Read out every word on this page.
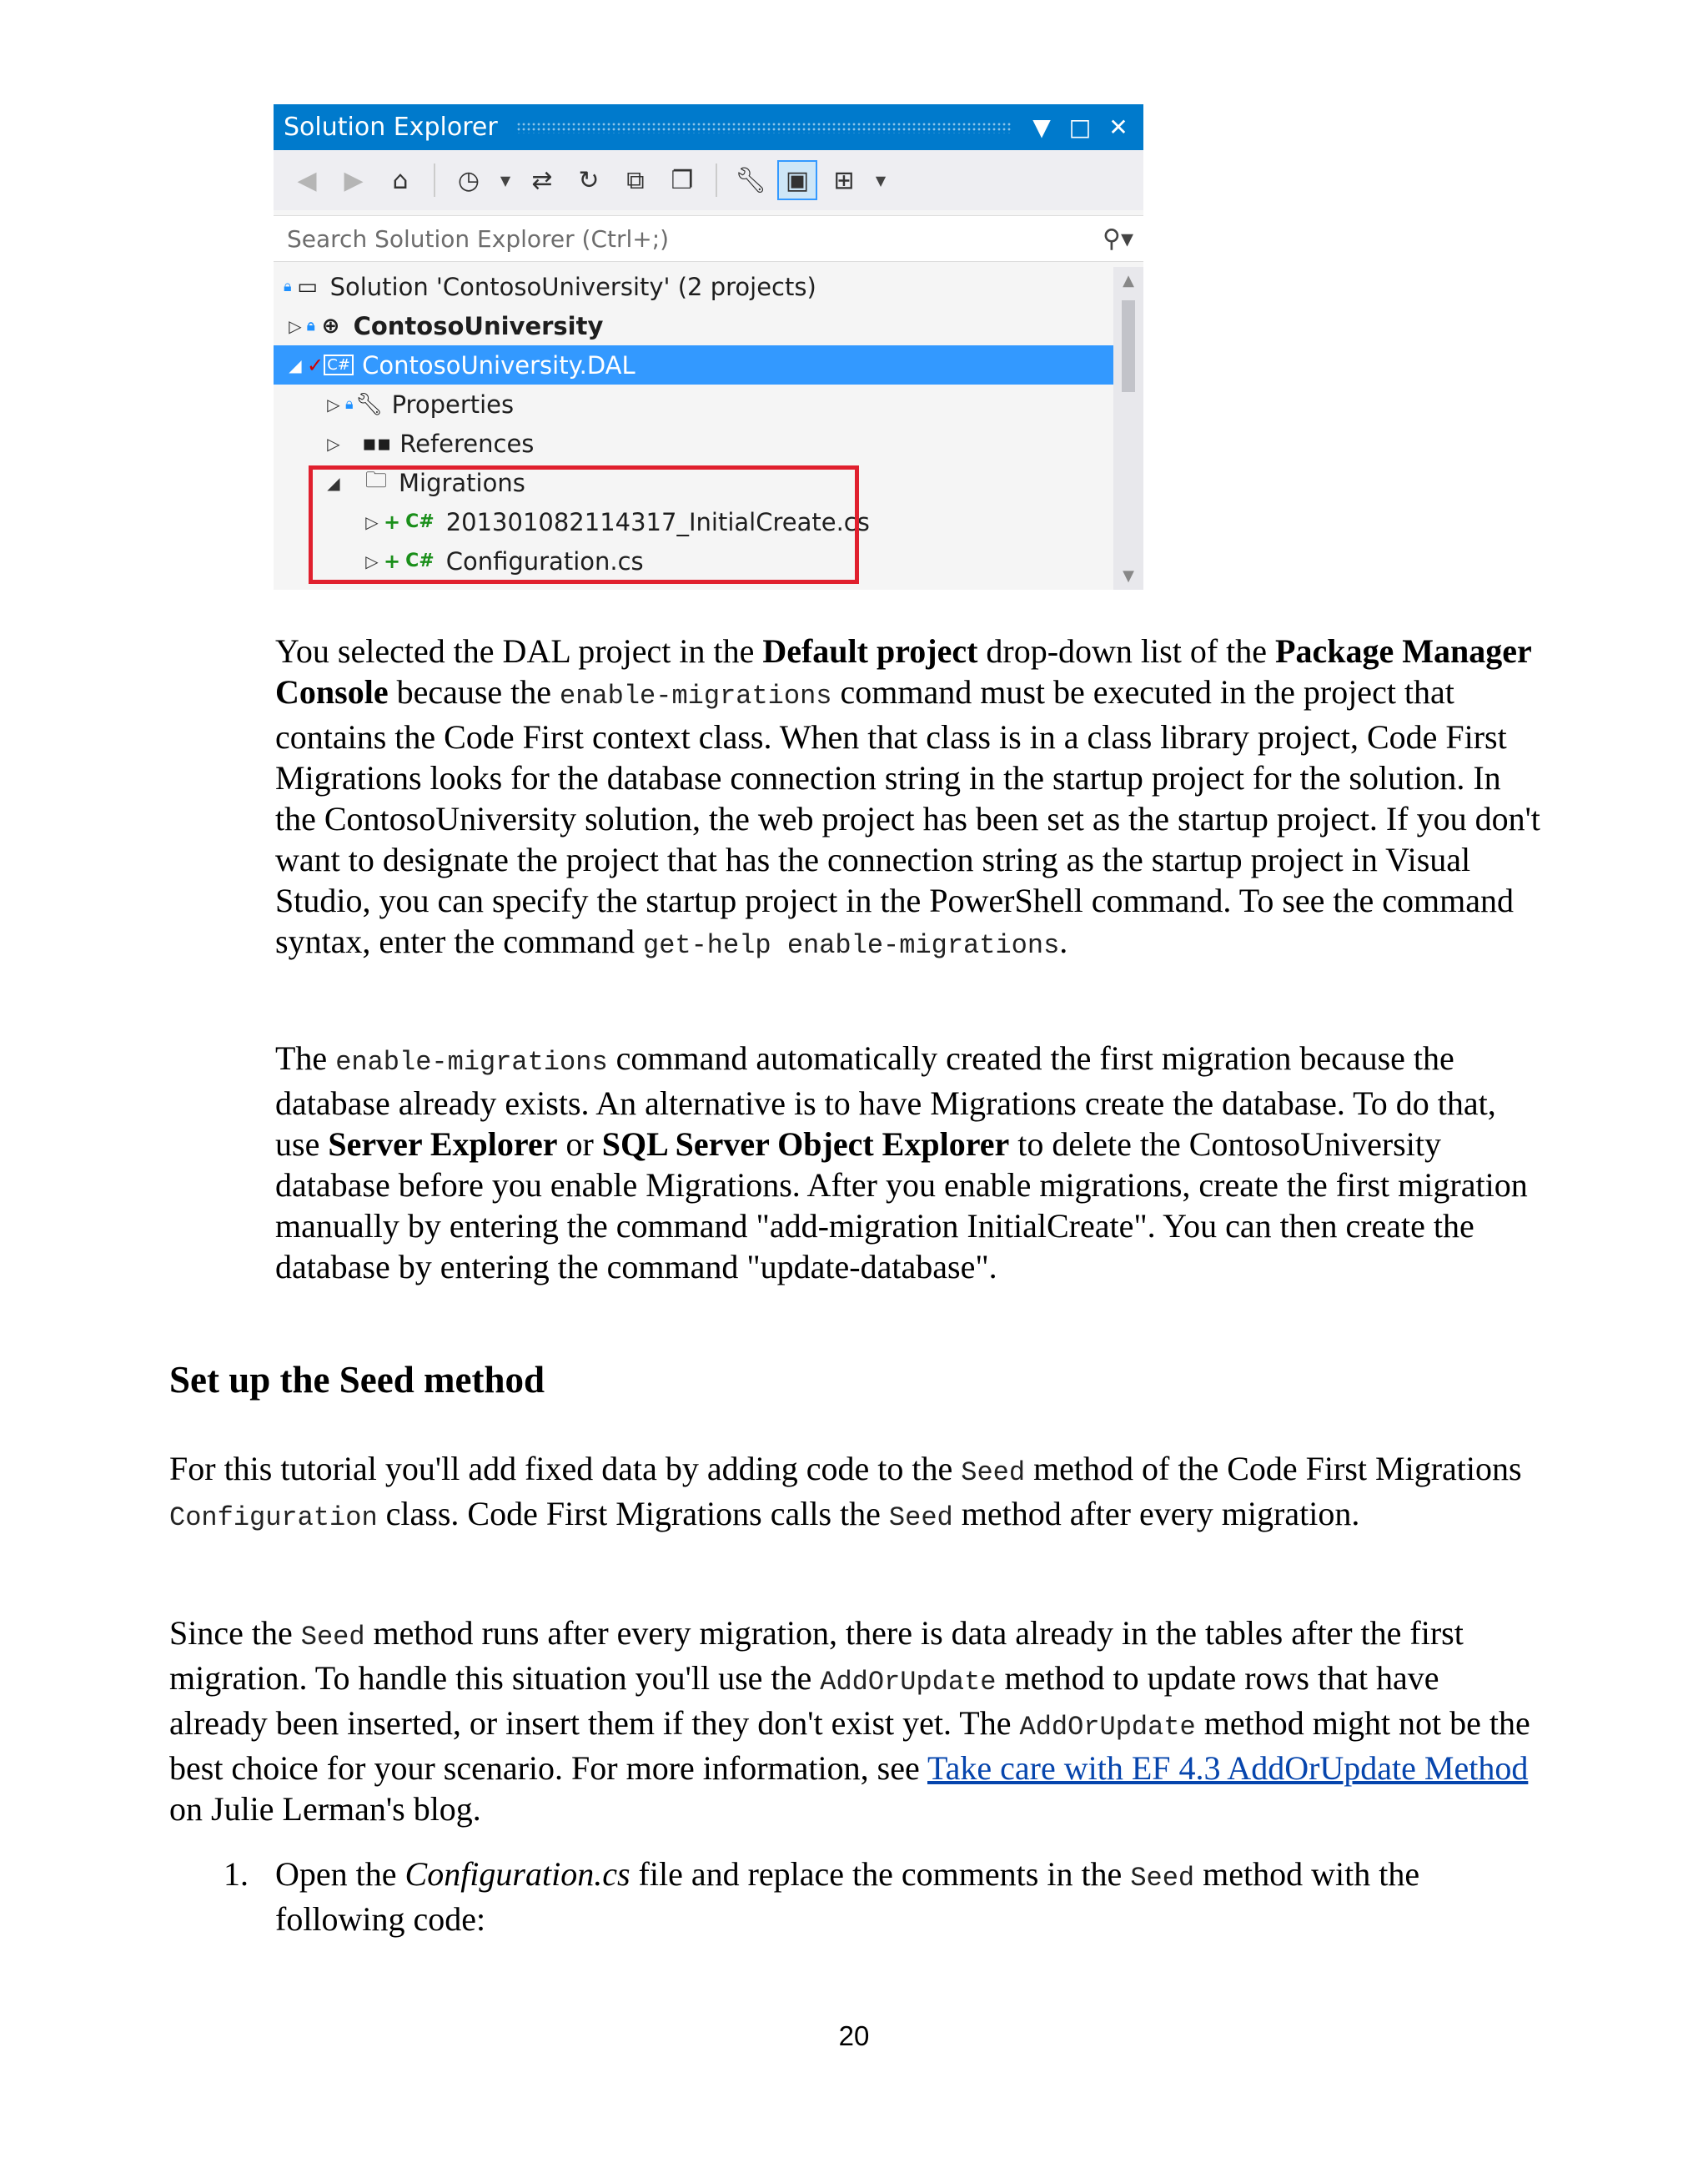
Solution Explorer	▼ □ ✕
◀	▶	⌂	◷	▼ ⇄	↻	⧉	❐ 🔧︎ ▣ ⊞	▼
Search Solution Explorer (Ctrl+;)
⚲▾
🔒︎ ▭ Solution 'ContosoUniversity' (2 projects)
▷ 🔒︎ ⊕ ContosoUniversity
◢ ✓ C# ContosoUniversity.DAL
▷ 🔒︎ 🔧︎ Properties
▷ ▪▪ References
◢ 🗀︎ Migrations
▷ + C# 201301082114317_InitialCreate.cs
▷ + C# Configuration.cs
▲
▼

You selected the DAL project in the Default project drop-down list of the Package Manager Console because the enable-migrations command must be executed in the project that contains the Code First context class. When that class is in a class library project, Code First Migrations looks for the database connection string in the startup project for the solution. In the ContosoUniversity solution, the web project has been set as the startup project. If you don't want to designate the project that has the connection string as the startup project in Visual Studio, you can specify the startup project in the PowerShell command. To see the command syntax, enter the command get-help enable-migrations.

The enable-migrations command automatically created the first migration because the database already exists. An alternative is to have Migrations create the database. To do that, use Server Explorer or SQL Server Object Explorer to delete the ContosoUniversity database before you enable Migrations. After you enable migrations, create the first migration manually by entering the command "add-migration InitialCreate". You can then create the database by entering the command "update-database".

Set up the Seed method

For this tutorial you'll add fixed data by adding code to the Seed method of the Code First Migrations Configuration class. Code First Migrations calls the Seed method after every migration.

Since the Seed method runs after every migration, there is data already in the tables after the first migration. To handle this situation you'll use the AddOrUpdate method to update rows that have already been inserted, or insert them if they don't exist yet. The AddOrUpdate method might not be the best choice for your scenario. For more information, see Take care with EF 4.3 AddOrUpdate Method on Julie Lerman's blog.

1. Open the Configuration.cs file and replace the comments in the Seed method with the following code:

20
